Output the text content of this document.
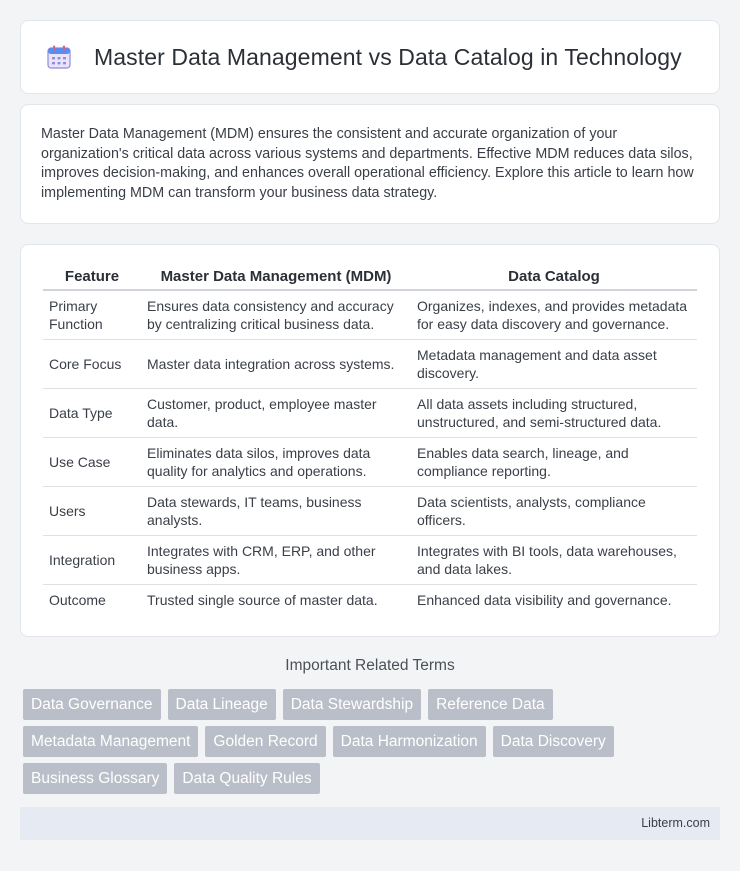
Master Data Management vs Data Catalog in Technology

Master Data Management (MDM) ensures the consistent and accurate organization of your organization's critical data across various systems and departments. Effective MDM reduces data silos, improves decision-making, and enhances overall operational efficiency. Explore this article to learn how implementing MDM can transform your business data strategy.

Feature	Master Data Management (MDM)	Data Catalog
Primary Function	Ensures data consistency and accuracy by centralizing critical business data.	Organizes, indexes, and provides metadata for easy data discovery and governance.
Core Focus	Master data integration across systems.	Metadata management and data asset discovery.
Data Type	Customer, product, employee master data.	All data assets including structured, unstructured, and semi-structured data.
Use Case	Eliminates data silos, improves data quality for analytics and operations.	Enables data search, lineage, and compliance reporting.
Users	Data stewards, IT teams, business analysts.	Data scientists, analysts, compliance officers.
Integration	Integrates with CRM, ERP, and other business apps.	Integrates with BI tools, data warehouses, and data lakes.
Outcome	Trusted single source of master data.	Enhanced data visibility and governance.
Important Related Terms
Data Governance	Data Lineage	Data Stewardship	Reference Data
Metadata Management	Golden Record	Data Harmonization	Data Discovery
Business Glossary	Data Quality Rules
Libterm.com
